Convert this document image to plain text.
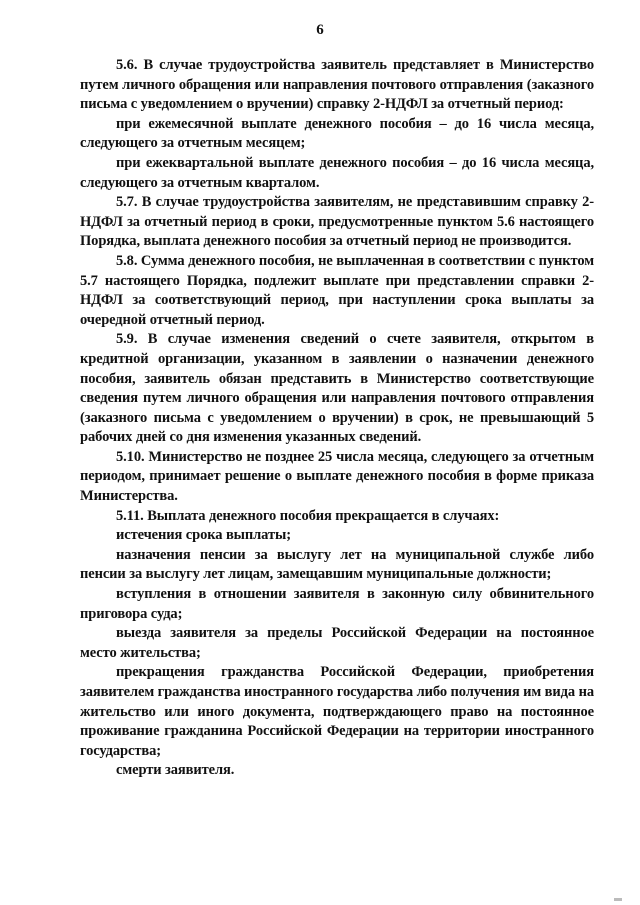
6

5.6. В случае трудоустройства заявитель представляет в Министерство путем личного обращения или направления почтового отправления (заказного письма с уведомлением о вручении) справку 2-НДФЛ за отчетный период:

при ежемесячной выплате денежного пособия – до 16 числа месяца, следующего за отчетным месяцем;

при ежеквартальной выплате денежного пособия – до 16 числа месяца, следующего за отчетным кварталом.

5.7. В случае трудоустройства заявителям, не представившим справку 2-НДФЛ за отчетный период в сроки, предусмотренные пунктом 5.6 настоящего Порядка, выплата денежного пособия за отчетный период не производится.

5.8. Сумма денежного пособия, не выплаченная в соответствии с пунктом 5.7 настоящего Порядка, подлежит выплате при представлении справки 2-НДФЛ за соответствующий период, при наступлении срока выплаты за очередной отчетный период.

5.9. В случае изменения сведений о счете заявителя, открытом в кредитной организации, указанном в заявлении о назначении денежного пособия, заявитель обязан представить в Министерство соответствующие сведения путем личного обращения или направления почтового отправления (заказного письма с уведомлением о вручении) в срок, не превышающий 5 рабочих дней со дня изменения указанных сведений.

5.10. Министерство не позднее 25 числа месяца, следующего за отчетным периодом, принимает решение о выплате денежного пособия в форме приказа Министерства.

5.11. Выплата денежного пособия прекращается в случаях:

истечения срока выплаты;

назначения пенсии за выслугу лет на муниципальной службе либо пенсии за выслугу лет лицам, замещавшим муниципальные должности;

вступления в отношении заявителя в законную силу обвинительного приговора суда;

выезда заявителя за пределы Российской Федерации на постоянное место жительства;

прекращения гражданства Российской Федерации, приобретения заявителем гражданства иностранного государства либо получения им вида на жительство или иного документа, подтверждающего право на постоянное проживание гражданина Российской Федерации на территории иностранного государства;

смерти заявителя.
